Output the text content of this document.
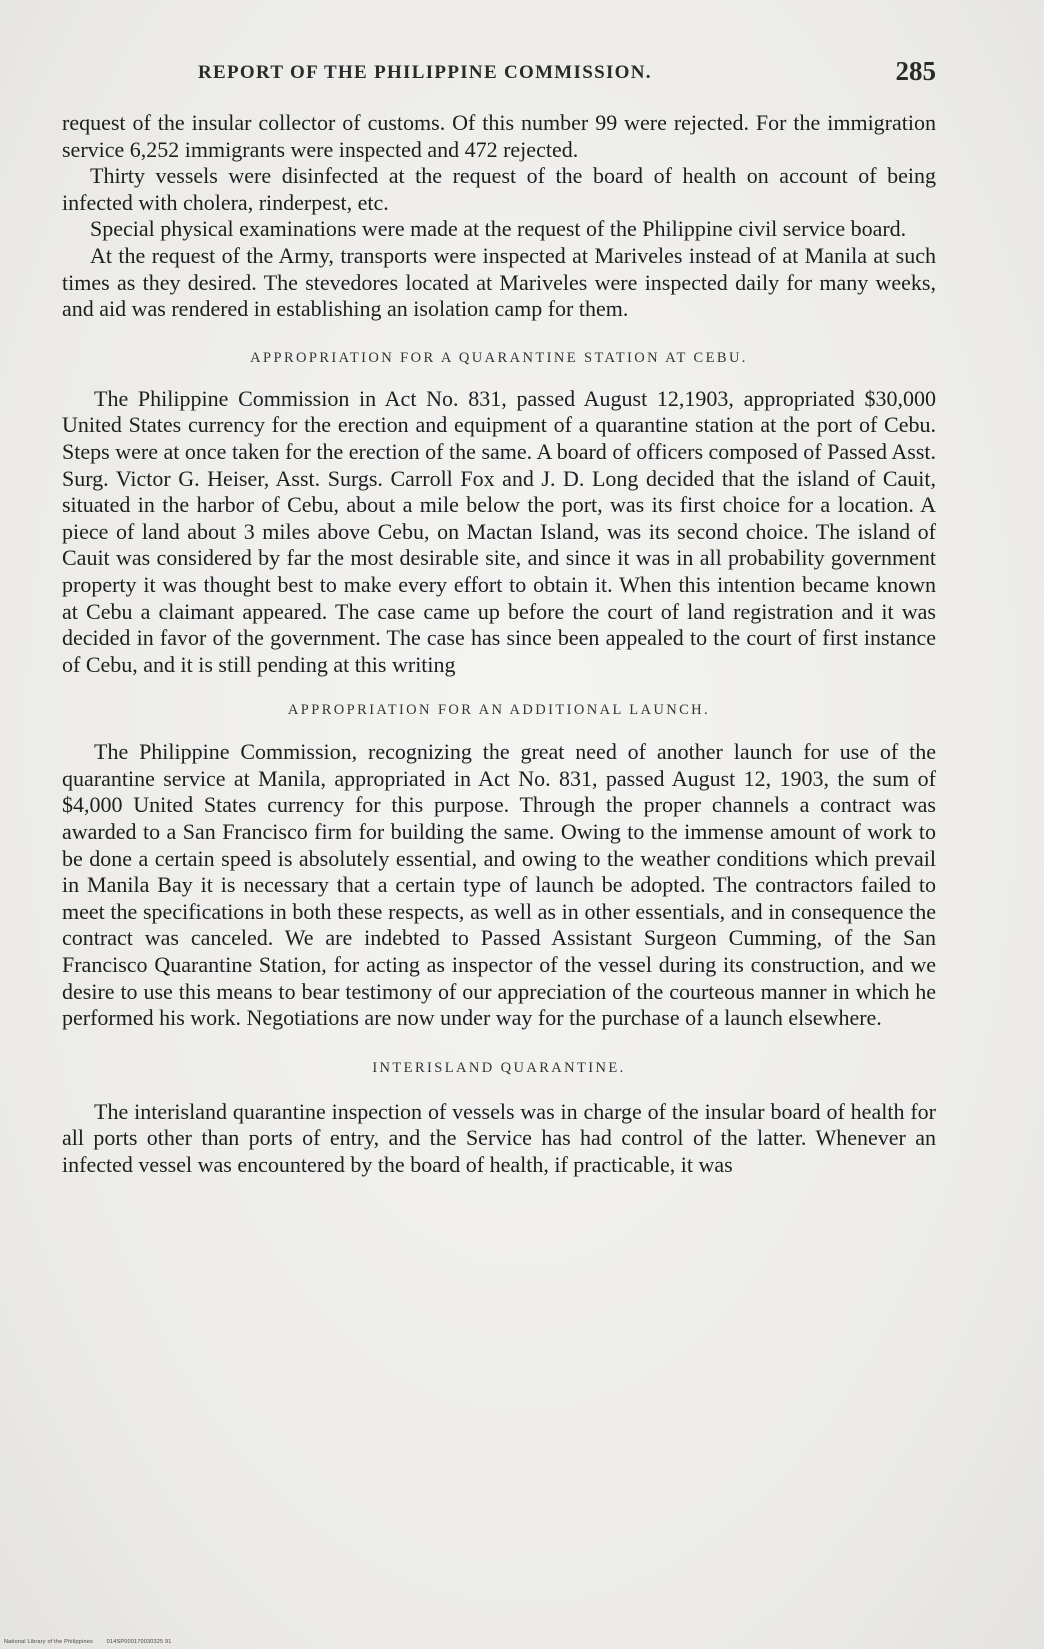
REPORT OF THE PHILIPPINE COMMISSION.	285

request of the insular collector of customs. Of this number 99 were rejected. For the immigration service 6,252 immigrants were inspected and 472 rejected.

Thirty vessels were disinfected at the request of the board of health on account of being infected with cholera, rinderpest, etc.

Special physical examinations were made at the request of the Philippine civil service board.

At the request of the Army, transports were inspected at Mariveles instead of at Manila at such times as they desired. The stevedores located at Mariveles were inspected daily for many weeks, and aid was rendered in establishing an isolation camp for them.

APPROPRIATION FOR A QUARANTINE STATION AT CEBU.

The Philippine Commission in Act No. 831, passed August 12,1903, appropriated $30,000 United States currency for the erection and equipment of a quarantine station at the port of Cebu. Steps were at once taken for the erection of the same. A board of officers composed of Passed Asst. Surg. Victor G. Heiser, Asst. Surgs. Carroll Fox and J. D. Long decided that the island of Cauit, situated in the harbor of Cebu, about a mile below the port, was its first choice for a location. A piece of land about 3 miles above Cebu, on Mactan Island, was its second choice. The island of Cauit was considered by far the most desirable site, and since it was in all probability government property it was thought best to make every effort to obtain it. When this intention became known at Cebu a claimant appeared. The case came up before the court of land registration and it was decided in favor of the government. The case has since been appealed to the court of first instance of Cebu, and it is still pending at this writing

APPROPRIATION FOR AN ADDITIONAL LAUNCH.

The Philippine Commission, recognizing the great need of another launch for use of the quarantine service at Manila, appropriated in Act No. 831, passed August 12, 1903, the sum of $4,000 United States currency for this purpose. Through the proper channels a contract was awarded to a San Francisco firm for building the same. Owing to the immense amount of work to be done a certain speed is absolutely essential, and owing to the weather conditions which prevail in Manila Bay it is necessary that a certain type of launch be adopted. The contractors failed to meet the specifications in both these respects, as well as in other essentials, and in consequence the contract was canceled. We are indebted to Passed Assistant Surgeon Cumming, of the San Francisco Quarantine Station, for acting as inspector of the vessel during its construction, and we desire to use this means to bear testimony of our appreciation of the courteous manner in which he performed his work. Negotiations are now under way for the purchase of a launch elsewhere.

INTERISLAND QUARANTINE.

The interisland quarantine inspection of vessels was in charge of the insular board of health for all ports other than ports of entry, and the Service has had control of the latter. Whenever an infected vessel was encountered by the board of health, if practicable, it was

National Library of the Philippines 014SP000170030325 91
